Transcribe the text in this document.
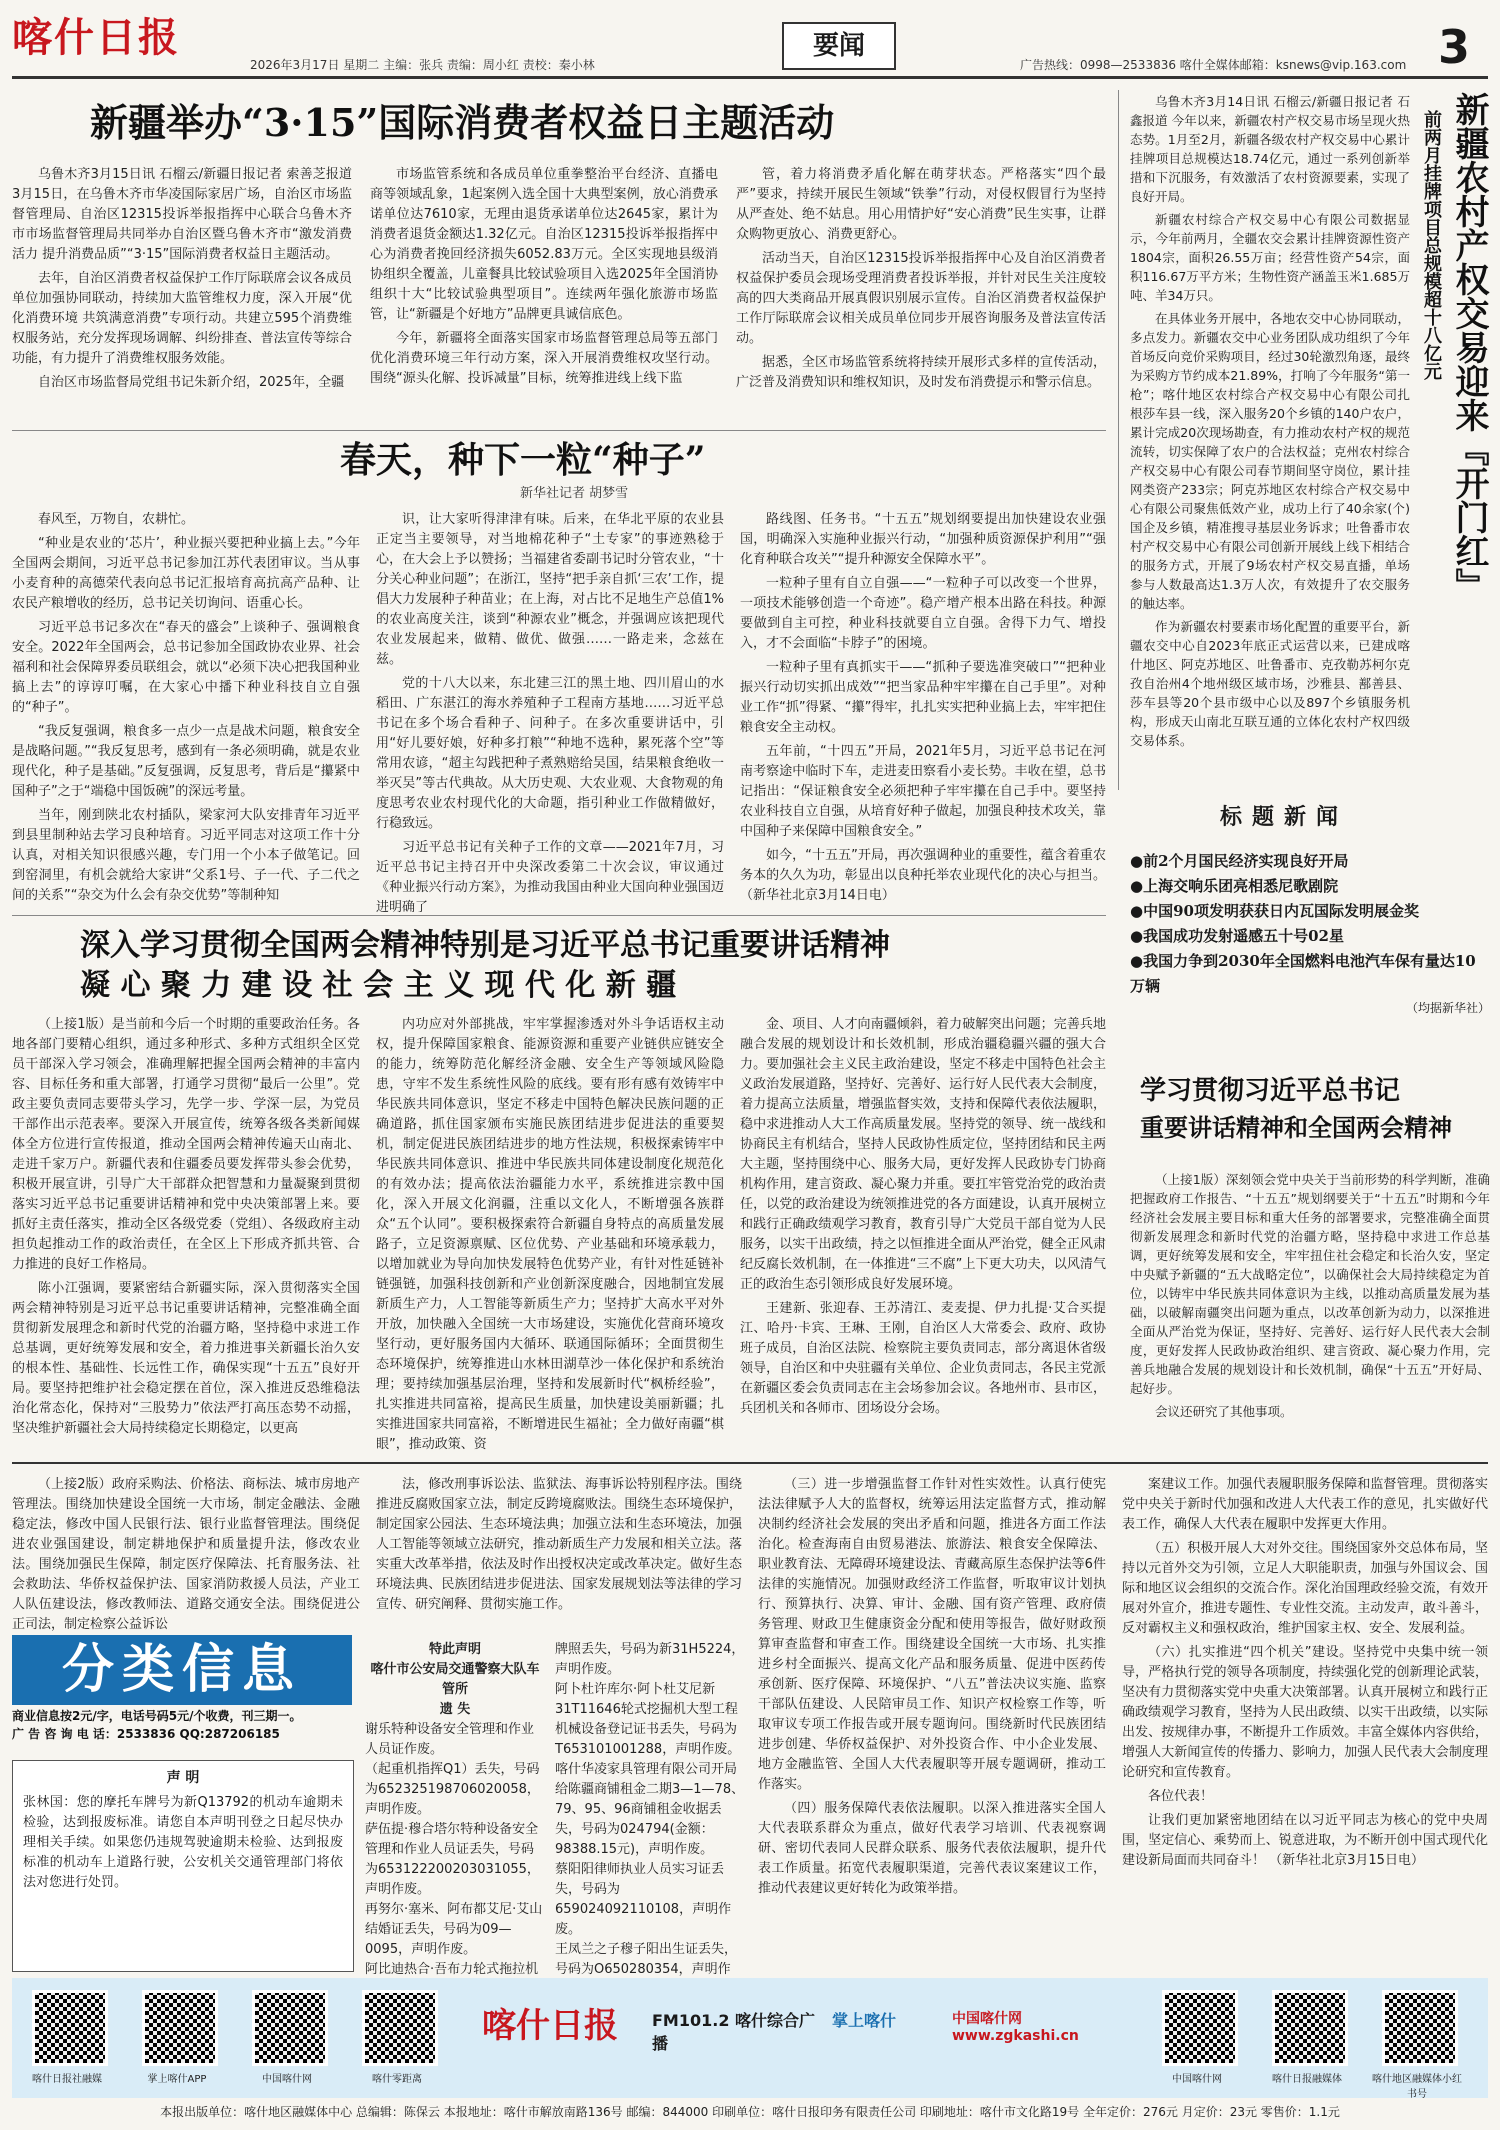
喀什日报
2026年3月17日 星期二 主编：张兵 责编：周小红 责校：秦小林
要闻
广告热线：0998—2533836 喀什全媒体邮箱：ksnews@vip.163.com 3
新疆举办“3·15”国际消费者权益日主题活动

乌鲁木齐3月15日讯 石榴云/新疆日报记者 索善芝报道 3月15日，在乌鲁木齐市华凌国际家居广场，自治区市场监督管理局、自治区12315投诉举报指挥中心联合乌鲁木齐市市场监督管理局共同举办自治区暨乌鲁木齐市“激发消费活力 提升消费品质”“3·15”国际消费者权益日主题活动。

去年，自治区消费者权益保护工作厅际联席会议各成员单位加强协同联动，持续加大监管维权力度，深入开展“优化消费环境 共筑满意消费”专项行动。共建立595个消费维权服务站，充分发挥现场调解、纠纷排查、普法宣传等综合功能，有力提升了消费维权服务效能。

自治区市场监督局党组书记朱新介绍，2025年，全疆

市场监管系统和各成员单位重拳整治平台经济、直播电商等领域乱象，1起案例入选全国十大典型案例，放心消费承诺单位达7610家，无理由退货承诺单位达2645家，累计为消费者退货金额达1.32亿元。自治区12315投诉举报指挥中心为消费者挽回经济损失6052.83万元。全区实现地县级消协组织全覆盖，儿童餐具比较试验项目入选2025年全国消协组织十大“比较试验典型项目”。连续两年强化旅游市场监管，让“新疆是个好地方”品牌更具诚信底色。

今年，新疆将全面落实国家市场监督管理总局等五部门优化消费环境三年行动方案，深入开展消费维权攻坚行动。围绕“源头化解、投诉减量”目标，统筹推进线上线下监

管，着力将消费矛盾化解在萌芽状态。严格落实“四个最严”要求，持续开展民生领域“铁拳”行动，对侵权假冒行为坚持从严查处、绝不姑息。用心用情护好“安心消费”民生实事，让群众购物更放心、消费更舒心。

活动当天，自治区12315投诉举报指挥中心及自治区消费者权益保护委员会现场受理消费者投诉举报，并针对民生关注度较高的四大类商品开展真假识别展示宣传。自治区消费者权益保护工作厅际联席会议相关成员单位同步开展咨询服务及普法宣传活动。

据悉，全区市场监管系统将持续开展形式多样的宣传活动，广泛普及消费知识和维权知识，及时发布消费提示和警示信息。

春天，种下一粒“种子”
新华社记者 胡梦雪

春风至，万物自，农耕忙。

“种业是农业的‘芯片’，种业振兴要把种业搞上去。”今年全国两会期间，习近平总书记参加江苏代表团审议。当从事小麦育种的高德荣代表向总书记汇报培育高抗高产品种、让农民产粮增收的经历，总书记关切询问、语重心长。

习近平总书记多次在“春天的盛会”上谈种子、强调粮食安全。2022年全国两会，总书记参加全国政协农业界、社会福利和社会保障界委员联组会，就以“必须下决心把我国种业搞上去”的谆谆叮嘱，在大家心中播下种业科技自立自强的“种子”。

“我反复强调，粮食多一点少一点是战术问题，粮食安全是战略问题。”“我反复思考，感到有一条必须明确，就是农业现代化，种子是基础。”反复强调，反复思考，背后是“攥紧中国种子”之于“端稳中国饭碗”的深远考量。

当年，刚到陕北农村插队，梁家河大队安排青年习近平到县里制种站去学习良种培育。习近平同志对这项工作十分认真，对相关知识很感兴趣，专门用一个小本子做笔记。回到窑洞里，有机会就给大家讲“父系1号、子一代、子二代之间的关系”“杂交为什么会有杂交优势”等制种知

识，让大家听得津津有味。后来，在华北平原的农业县正定当主要领导，对当地棉花种子“土专家”的事迹熟稔于心，在大会上予以赞扬；当福建省委副书记时分管农业，“十分关心种业问题”；在浙江，坚持“把手亲自抓‘三农’工作，提倡大力发展种子种苗业；在上海，对占比不足地生产总值1%的农业高度关注，谈到“种源农业”概念，并强调应该把现代农业发展起来，做精、做优、做强……一路走来，念兹在兹。

党的十八大以来，东北建三江的黑土地、四川眉山的水稻田、广东湛江的海水养殖种子工程南方基地……习近平总书记在多个场合看种子、问种子。在多次重要讲话中，引用“好儿要好娘，好种多打粮”“种地不选种，累死落个空”等常用农谚，“超主勾践把种子煮熟赔给吴国，结果粮食绝收一举灭吴”等古代典故。从大历史观、大农业观、大食物观的角度思考农业农村现代化的大命题，指引种业工作做精做好，行稳致远。

习近平总书记有关种子工作的文章——2021年7月，习近平总书记主持召开中央深改委第二十次会议，审议通过《种业振兴行动方案》，为推动我国由种业大国向种业强国迈进明确了

路线图、任务书。“十五五”规划纲要提出加快建设农业强国，明确深入实施种业振兴行动，“加强种质资源保护利用”“强化育种联合攻关”“提升种源安全保障水平”。

一粒种子里有自立自强——“一粒种子可以改变一个世界，一项技术能够创造一个奇迹”。稳产增产根本出路在科技。种源要做到自主可控，种业科技就要自立自强。舍得下力气、增投入，才不会面临“卡脖子”的困境。

一粒种子里有真抓实干——“抓种子要选准突破口”“把种业振兴行动切实抓出成效”“把当家品种牢牢攥在自己手里”。对种业工作“抓”得紧、“攥”得牢，扎扎实实把种业搞上去，牢牢把住粮食安全主动权。

五年前，“十四五”开局，2021年5月，习近平总书记在河南考察途中临时下车，走进麦田察看小麦长势。丰收在望，总书记指出：“保证粮食安全必须把种子牢牢攥在自己手中。要坚持农业科技自立自强，从培育好种子做起，加强良种技术攻关，靠中国种子来保障中国粮食安全。”

如今，“十五五”开局，再次强调种业的重要性，蕴含着重农务本的久久为功，彰显出以良种托举农业现代化的决心与担当。 （新华社北京3月14日电）

深入学习贯彻全国两会精神特别是习近平总书记重要讲话精神
凝 心 聚 力 建 设 社 会 主 义 现 代 化 新 疆

（上接1版）是当前和今后一个时期的重要政治任务。各地各部门要精心组织，通过多种形式、多种方式组织全区党员干部深入学习领会，准确理解把握全国两会精神的丰富内容、目标任务和重大部署，打通学习贯彻“最后一公里”。党政主要负责同志要带头学习，先学一步、学深一层，为党员干部作出示范表率。要深入开展宣传，统筹各级各类新闻媒体全方位进行宣传报道，推动全国两会精神传遍天山南北、走进千家万户。新疆代表和住疆委员要发挥带头参会优势，积极开展宣讲，引导广大干部群众把智慧和力量凝聚到贯彻落实习近平总书记重要讲话精神和党中央决策部署上来。要抓好主责任落实，推动全区各级党委（党组）、各级政府主动担负起推动工作的政治责任，在全区上下形成齐抓共管、合力推进的良好工作格局。

陈小江强调，要紧密结合新疆实际，深入贯彻落实全国两会精神特别是习近平总书记重要讲话精神，完整准确全面贯彻新发展理念和新时代党的治疆方略，坚持稳中求进工作总基调，更好统筹发展和安全，着力推进事关新疆长治久安的根本性、基础性、长远性工作，确保实现“十五五”良好开局。要坚持把维护社会稳定摆在首位，深入推进反恐维稳法治化常态化，保持对“三股势力”依法严打高压态势不动摇，坚决维护新疆社会大局持续稳定长期稳定，以更高

内功应对外部挑战，牢牢掌握渗透对外斗争话语权主动权，提升保障国家粮食、能源资源和重要产业链供应链安全的能力，统筹防范化解经济金融、安全生产等领域风险隐患，守牢不发生系统性风险的底线。要有形有感有效铸牢中华民族共同体意识，坚定不移走中国特色解决民族问题的正确道路，抓住国家颁布实施民族团结进步促进法的重要契机，制定促进民族团结进步的地方性法规，积极探索铸牢中华民族共同体意识、推进中华民族共同体建设制度化规范化的有效办法；提高依法治疆能力水平，系统推进宗教中国化，深入开展文化润疆，注重以文化人，不断增强各族群众“五个认同”。要积极探索符合新疆自身特点的高质量发展路子，立足资源禀赋、区位优势、产业基础和环境承载力，以增加就业为导向加快发展特色优势产业，有针对性延链补链强链，加强科技创新和产业创新深度融合，因地制宜发展新质生产力，人工智能等新质生产力；坚持扩大高水平对外开放，加快融入全国统一大市场建设，实施优化营商环境攻坚行动，更好服务国内大循环、联通国际循环；全面贯彻生态环境保护，统筹推进山水林田湖草沙一体化保护和系统治理；要持续加强基层治理，坚持和发展新时代“枫桥经验”，扎实推进共同富裕，提高民生质量，加快建设美丽新疆；扎实推进国家共同富裕，不断增进民生福祉；全力做好南疆“棋眼”，推动政策、资

金、项目、人才向南疆倾斜，着力破解突出问题；完善兵地融合发展的规划设计和长效机制，形成治疆稳疆兴疆的强大合力。要加强社会主义民主政治建设，坚定不移走中国特色社会主义政治发展道路，坚持好、完善好、运行好人民代表大会制度，着力提高立法质量，增强监督实效，支持和保障代表依法履职，稳中求进推动人大工作高质量发展。坚持党的领导、统一战线和协商民主有机结合，坚持人民政协性质定位，坚持团结和民主两大主题，坚持围绕中心、服务大局，更好发挥人民政协专门协商机构作用，建言资政、凝心聚力并重。要扛牢管党治党的政治责任，以党的政治建设为统领推进党的各方面建设，认真开展树立和践行正确政绩观学习教育，教育引导广大党员干部自觉为人民服务，以实干出政绩，持之以恒推进全面从严治党，健全正风肃纪反腐长效机制，在一体推进“三不腐”上下更大功夫，以风清气正的政治生态引领形成良好发展环境。

王建新、张迎春、王苏清江、麦麦提、伊力扎提·艾合买提江、哈丹·卡宾、王琳、王刚，自治区人大常委会、政府、政协班子成员，自治区法院、检察院主要负责同志，部分离退休省级领导，自治区和中央驻疆有关单位、企业负责同志，各民主党派在新疆区委会负责同志在主会场参加会议。各地州市、县市区，兵团机关和各师市、团场设分会场。

乌鲁木齐3月14日讯 石榴云/新疆日报记者 石鑫报道 今年以来，新疆农村产权交易市场呈现火热态势。1月至2月，新疆各级农村产权交易中心累计挂牌项目总规模达18.74亿元，通过一系列创新举措和下沉服务，有效激活了农村资源要素，实现了良好开局。

新疆农村综合产权交易中心有限公司数据显示，今年前两月，全疆农交会累计挂牌资源性资产1804宗，面积26.55万亩；经营性资产54宗，面积116.67万平方米；生物性资产涵盖玉米1.685万吨、羊34万只。

在具体业务开展中，各地农交中心协同联动，多点发力。新疆农交中心业务团队成功组织了今年首场反向竞价采购项目，经过30轮激烈角逐，最终为采购方节约成本21.89%，打响了今年服务“第一枪”；喀什地区农村综合产权交易中心有限公司扎根莎车县一线，深入服务20个乡镇的140户农户，累计完成20次现场勘查，有力推动农村产权的规范流转，切实保障了农户的合法权益；克州农村综合产权交易中心有限公司春节期间坚守岗位，累计挂网类资产233宗；阿克苏地区农村综合产权交易中心有限公司聚焦低效产业，成功上行了40余家(个)国企及乡镇，精准搜寻基层业务诉求；吐鲁番市农村产权交易中心有限公司创新开展线上线下相结合的服务方式，开展了9场农村产权交易直播，单场参与人数最高达1.3万人次，有效提升了农交服务的触达率。

作为新疆农村要素市场化配置的重要平台，新疆农交中心自2023年底正式运营以来，已建成喀什地区、阿克苏地区、吐鲁番市、克孜勒苏柯尔克孜自治州4个地州级区域市场，沙雅县、鄯善县、莎车县等20个县市级中心以及897个乡镇服务机构，形成天山南北互联互通的立体化农村产权四级交易体系。

新疆农村产权交易迎来『开门红』
前两月挂牌项目总规模超十八亿元
标题新闻
●前2个月国民经济实现良好开局
●上海交响乐团亮相悉尼歌剧院
●中国90项发明获获日内瓦国际发明展金奖
●我国成功发射遥感五十号02星
●我国力争到2030年全国燃料电池汽车保有量达10万辆
（均据新华社）
学习贯彻习近平总书记
重要讲话精神和全国两会精神

（上接1版）深刻领会党中央关于当前形势的科学判断，准确把握政府工作报告、“十五五”规划纲要关于“十五五”时期和今年经济社会发展主要目标和重大任务的部署要求，完整准确全面贯彻新发展理念和新时代党的治疆方略，坚持稳中求进工作总基调，更好统筹发展和安全，牢牢扭住社会稳定和长治久安，坚定中央赋予新疆的“五大战略定位”，以确保社会大局持续稳定为首位，以铸牢中华民族共同体意识为主线，以推动高质量发展为基础，以破解南疆突出问题为重点，以改革创新为动力，以深推进全面从严治党为保证，坚持好、完善好、运行好人民代表大会制度，更好发挥人民政协政治组织、建言资政、凝心聚力作用，完善兵地融合发展的规划设计和长效机制，确保“十五五”开好局、起好步。

会议还研究了其他事项。

（上接2版）政府采购法、价格法、商标法、城市房地产管理法。围绕加快建设全国统一大市场，制定金融法、金融稳定法，修改中国人民银行法、银行业监督管理法。围绕促进农业强国建设，制定耕地保护和质量提升法，修改农业法。围绕加强民生保障，制定医疗保障法、托育服务法、社会救助法、华侨权益保护法、国家消防救援人员法，产业工人队伍建设法，修改教师法、道路交通安全法。围绕促进公正司法，制定检察公益诉讼

法，修改刑事诉讼法、监狱法、海事诉讼特别程序法。围绕推进反腐败国家立法，制定反跨境腐败法。围绕生态环境保护，制定国家公园法、生态环境法典；加强立法和生态环境法，加强人工智能等领域立法研究，推动新质生产力发展和相关立法。落实重大改革举措，依法及时作出授权决定或改革决定。做好生态环境法典、民族团结进步促进法、国家发展规划法等法律的学习宣传、研究阐释、贯彻实施工作。

（三）进一步增强监督工作针对性实效性。认真行使宪法法律赋予人大的监督权，统筹运用法定监督方式，推动解决制约经济社会发展的突出矛盾和问题，推进各方面工作法治化。检查海南自由贸易港法、旅游法、粮食安全保障法、职业教育法、无障碍环境建设法、青藏高原生态保护法等6件法律的实施情况。加强财政经济工作监督，听取审议计划执行、预算执行、决算、审计、金融、国有资产管理、政府债务管理、财政卫生健康资金分配和使用等报告，做好财政预算审查监督和审查工作。围绕建设全国统一大市场、扎实推进乡村全面振兴、提高文化产品和服务质量、促进中医药传承创新、医疗保障、环境保护、“八五”普法决议实施、监察干部队伍建设、人民陪审员工作、知识产权检察工作等，听取审议专项工作报告或开展专题询问。围绕新时代民族团结进步创建、华侨权益保护、对外投资合作、中小企业发展、地方金融监管、全国人大代表履职等开展专题调研，推动工作落实。

（四）服务保障代表依法履职。以深入推进落实全国人大代表联系群众为重点，做好代表学习培训、代表视察调研、密切代表同人民群众联系、服务代表依法履职，提升代表工作质量。拓宽代表履职渠道，完善代表议案建议工作，推动代表建议更好转化为政策举措。

案建议工作。加强代表履职服务保障和监督管理。贯彻落实党中央关于新时代加强和改进人大代表工作的意见，扎实做好代表工作，确保人大代表在履职中发挥更大作用。

（五）积极开展人大对外交往。围绕国家外交总体布局，坚持以元首外交为引领，立足人大职能职责，加强与外国议会、国际和地区议会组织的交流合作。深化治国理政经验交流，有效开展对外宣介，推进专题性、专业性交流。主动发声，敢斗善斗，反对霸权主义和强权政治，维护国家主权、安全、发展利益。

（六）扎实推进“四个机关”建设。坚持党中央集中统一领导，严格执行党的领导各项制度，持续强化党的创新理论武装，坚决有力贯彻落实党中央重大决策部署。认真开展树立和践行正确政绩观学习教育，坚持为人民出政绩、以实干出政绩，以实际出发、按规律办事，不断提升工作质效。丰富全媒体内容供给，增强人大新闻宣传的传播力、影响力，加强人民代表大会制度理论研究和宣传教育。

各位代表！

让我们更加紧密地团结在以习近平同志为核心的党中央周围，坚定信心、乘势而上、锐意进取，为不断开创中国式现代化建设新局面而共同奋斗！ （新华社北京3月15日电）

分类信息
商业信息按2元/字，电话号码5元/个收费，刊三期一。
广 告 咨 询 电 话：2533836 QQ:287206185
声 明
张林国：您的摩托车牌号为新Q13792的机动车逾期未检验，达到报废标准。请您自本声明刊登之日起尽快办理相关手续。如果您仍违规驾驶逾期未检验、达到报废标准的机动车上道路行驶，公安机关交通管理部门将依法对您进行处罚。
特此声明
喀什市公安局交通警察大队车管所
遗 失
谢乐特种设备安全管理和作业人员证作废。
（起重机指挥Q1）丢失，号码为652325198706020058，声明作废。
萨伍提·穆合塔尔特种设备安全管理和作业人员证丢失，号码为653122200203031055，声明作废。
再努尔·塞米、阿布都艾尼·艾山结婚证丢失，号码为09—0095，声明作废。
阿比迪热合·吾布力轮式拖拉机
牌照丢失，号码为新31H5224，声明作废。
阿卜杜许库尔·阿卜杜艾尼新31T11646轮式挖掘机大型工程机械设备登记证书丢失，号码为T653101001288，声明作废。
喀什华凌家具管理有限公司开局给陈疆商铺租金二期3—1—78、79、95、96商铺租金收据丢失，号码为024794(金额：98388.15元)，声明作废。
蔡阳阳律师执业人员实习证丢失，号码为659024092110108，声明作废。
王凤兰之子穆子阳出生证丢失，号码为O650280354，声明作
喀什日报社融媒	掌上喀什APP	中国喀什网	喀什零距离
喀什日报 FM101.2 喀什综合广播
掌上喀什	中国喀什网 www.zgkashi.cn
中国喀什网	喀什日报融媒体	喀什地区融媒体小红书号
本报出版单位：喀什地区融媒体中心 总编辑：陈保云 本报地址：喀什市解放南路136号 邮编：844000 印刷单位：喀什日报印务有限责任公司 印刷地址：喀什市文化路19号 全年定价：276元 月定价：23元 零售价：1.1元
